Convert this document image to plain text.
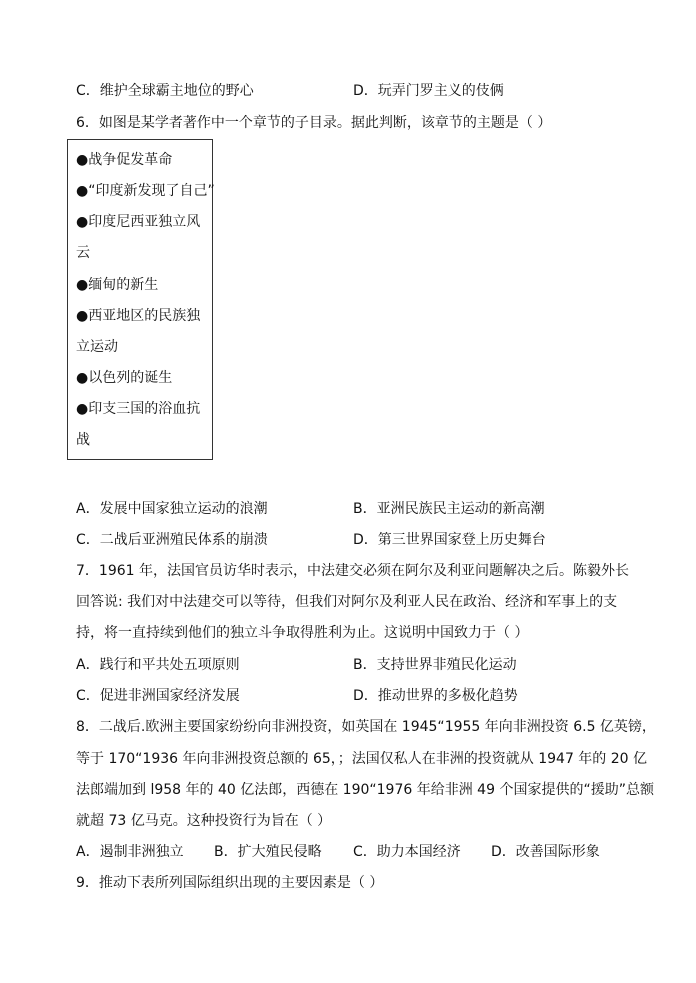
C．维护全球霸主地位的野心	D．玩弄门罗主义的伎俩
6．如图是某学者著作中一个章节的子目录。据此判断，该章节的主题是（ ）
●战争促发革命
●“印度新发现了自己”
●印度尼西亚独立风
云
●缅甸的新生
●西亚地区的民族独
立运动
●以色列的诞生
●印支三国的浴血抗
战
A．发展中国家独立运动的浪潮	B．亚洲民族民主运动的新高潮
C．二战后亚洲殖民体系的崩溃	D．第三世界国家登上历史舞台
7．1961 年，法国官员访华时表示，中法建交必须在阿尔及利亚问题解决之后。陈毅外长
回答说: 我们对中法建交可以等待，但我们对阿尔及利亚人民在政治、经济和军事上的支
持，将一直持续到他们的独立斗争取得胜利为止。这说明中国致力于（ ）
A．践行和平共处五项原则	B．支持世界非殖民化运动
C．促进非洲国家经济发展	D．推动世界的多极化趋势
8．二战后.欧洲主要国家纷纷向非洲投资，如英国在 1945“1955 年向非洲投资 6.5 亿英镑，
等于 170“1936 年向非洲投资总额的 65，；法国仅私人在非洲的投资就从 1947 年的 20 亿
法郎端加到 l958 年的 40 亿法郎，西德在 190“1976 年给非洲 49 个国家提供的“援助”总额
就超 73 亿马克。这种投资行为旨在（ ）
A．遏制非洲独立 B．扩大殖民侵略 C．助力本国经济 D．改善国际形象
9．推动下表所列国际组织出现的主要因素是（ ）
